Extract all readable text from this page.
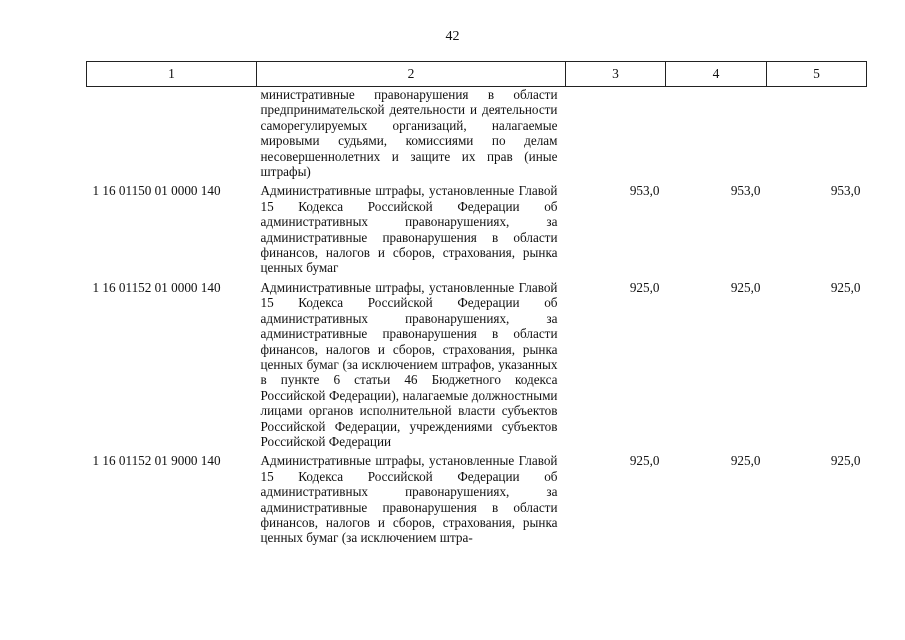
42
1	2	3	4	5
	министративные правонарушения в области предпринимательской деятельности и деятельности саморегулируемых организаций, налагаемые мировыми судьями, комиссиями по делам несовершеннолетних и защите их прав (иные штрафы)			
1 16 01150 01 0000 140	Административные штрафы, установленные Главой 15 Кодекса Российской Федерации об административных правонарушениях, за административные правонарушения в области финансов, налогов и сборов, страхования, рынка ценных бумаг	953,0	953,0	953,0
1 16 01152 01 0000 140	Административные штрафы, установленные Главой 15 Кодекса Российской Федерации об административных правонарушениях, за административные правонарушения в области финансов, налогов и сборов, страхования, рынка ценных бумаг (за исключением штрафов, указанных в пункте 6 статьи 46 Бюджетного кодекса Российской Федерации), налагаемые должностными лицами органов исполнительной власти субъектов Российской Федерации, учреждениями субъектов Российской Федерации	925,0	925,0	925,0
1 16 01152 01 9000 140	Административные штрафы, установленные Главой 15 Кодекса Российской Федерации об административных правонарушениях, за административные правонарушения в области финансов, налогов и сборов, страхования, рынка ценных бумаг (за исключением штра-	925,0	925,0	925,0
